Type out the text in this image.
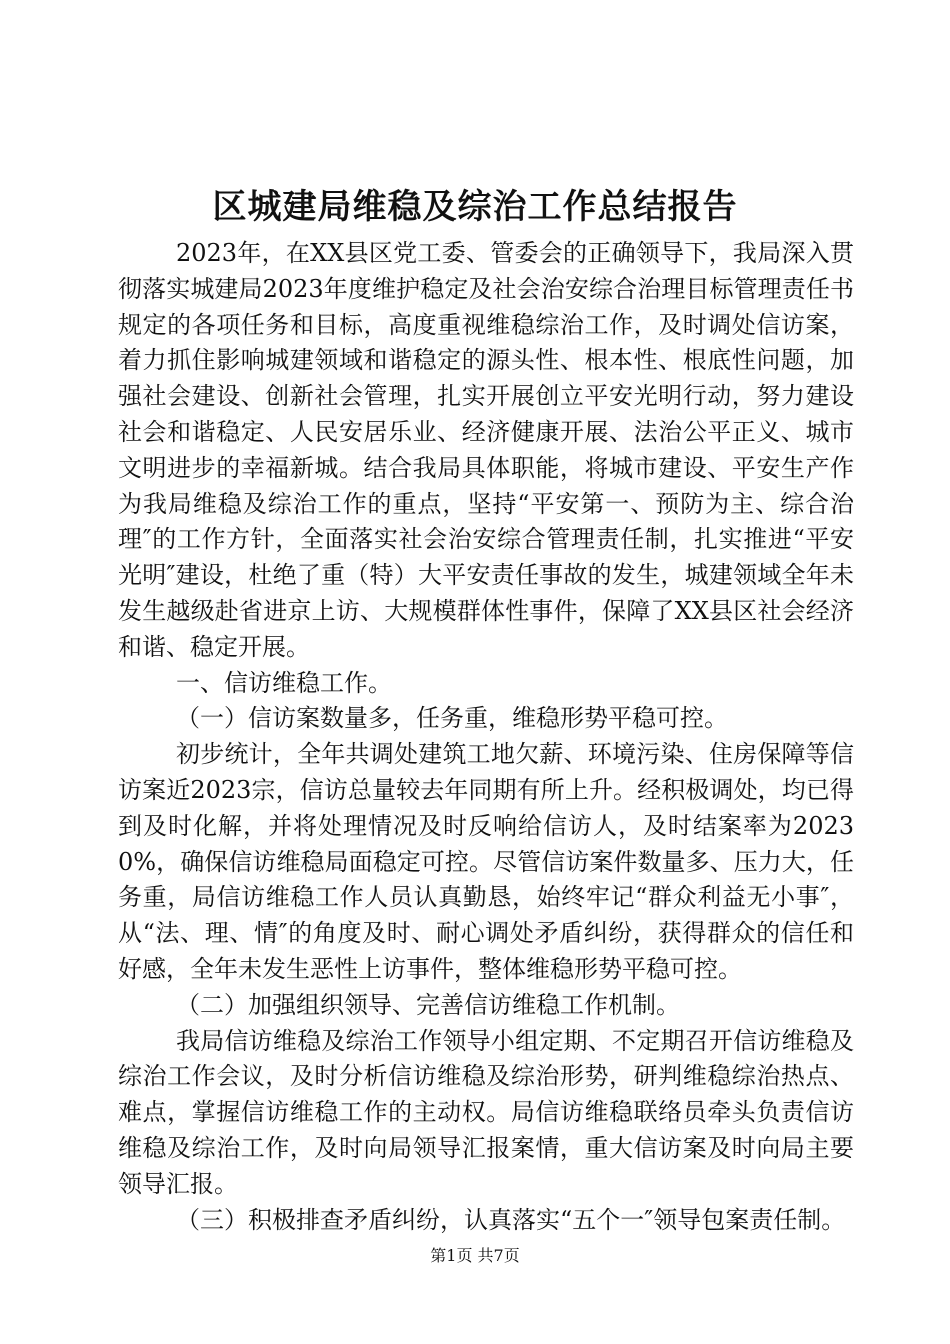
区城建局维稳及综治工作总结报告

2023年，在XX县区党工委、管委会的正确领导下，我局深入贯彻落实城建局2023年度维护稳定及社会治安综合治理目标管理责任书规定的各项任务和目标，高度重视维稳综治工作，及时调处信访案，着力抓住影响城建领域和谐稳定的源头性、根本性、根底性问题，加强社会建设、创新社会管理，扎实开展创立平安光明行动，努力建设社会和谐稳定、人民安居乐业、经济健康开展、法治公平正义、城市文明进步的幸福新城。结合我局具体职能，将城市建设、平安生产作为我局维稳及综治工作的重点，坚持“平安第一、预防为主、综合治理″的工作方针，全面落实社会治安综合管理责任制，扎实推进“平安光明″建设，杜绝了重（特）大平安责任事故的发生，城建领域全年未发生越级赴省进京上访、大规模群体性事件，保障了XX县区社会经济和谐、稳定开展。

一、信访维稳工作。

（一）信访案数量多，任务重，维稳形势平稳可控。

初步统计，全年共调处建筑工地欠薪、环境污染、住房保障等信访案近2023宗，信访总量较去年同期有所上升。经积极调处，均已得到及时化解，并将处理情况及时反响给信访人，及时结案率为20230%，确保信访维稳局面稳定可控。尽管信访案件数量多、压力大，任务重，局信访维稳工作人员认真勤恳，始终牢记“群众利益无小事″，从“法、理、情″的角度及时、耐心调处矛盾纠纷，获得群众的信任和好感，全年未发生恶性上访事件，整体维稳形势平稳可控。

（二）加强组织领导、完善信访维稳工作机制。

我局信访维稳及综治工作领导小组定期、不定期召开信访维稳及综治工作会议，及时分析信访维稳及综治形势，研判维稳综治热点、难点，掌握信访维稳工作的主动权。局信访维稳联络员牵头负责信访维稳及综治工作，及时向局领导汇报案情，重大信访案及时向局主要领导汇报。

（三）积极排查矛盾纠纷，认真落实“五个一″领导包案责任制。

第1页 共7页
